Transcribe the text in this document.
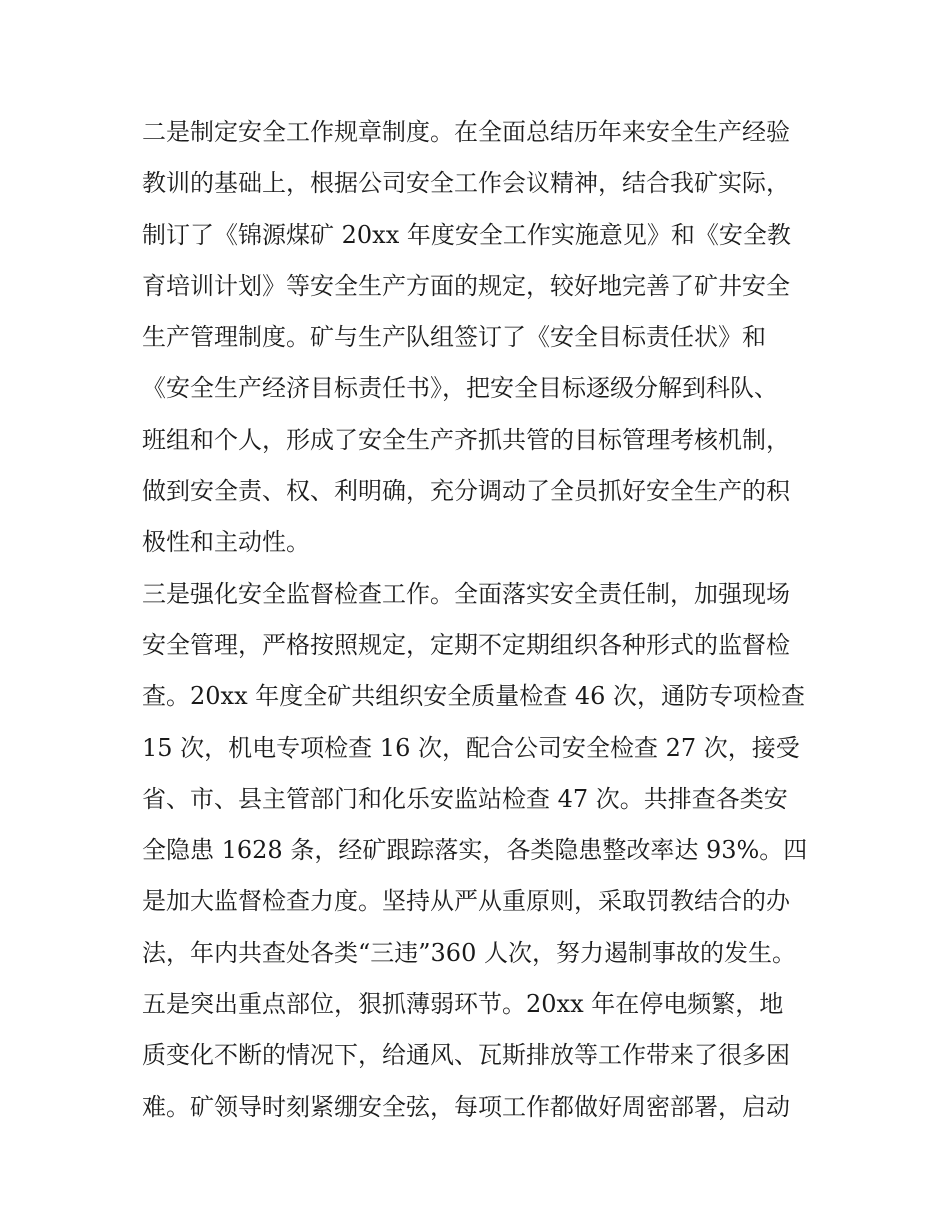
二是制定安全工作规章制度。在全面总结历年来安全生产经验
教训的基础上，根据公司安全工作会议精神，结合我矿实际，
制订了《锦源煤矿 20xx 年度安全工作实施意见》和《安全教
育培训计划》等安全生产方面的规定，较好地完善了矿井安全
生产管理制度。矿与生产队组签订了《安全目标责任状》和
《安全生产经济目标责任书》，把安全目标逐级分解到科队、
班组和个人，形成了安全生产齐抓共管的目标管理考核机制，
做到安全责、权、利明确，充分调动了全员抓好安全生产的积
极性和主动性。
三是强化安全监督检查工作。全面落实安全责任制，加强现场
安全管理，严格按照规定，定期不定期组织各种形式的监督检
查。20xx 年度全矿共组织安全质量检查 46 次，通防专项检查
15 次，机电专项检查 16 次，配合公司安全检查 27 次，接受
省、市、县主管部门和化乐安监站检查 47 次。共排查各类安
全隐患 1628 条，经矿跟踪落实，各类隐患整改率达 93%。四
是加大监督检查力度。坚持从严从重原则，采取罚教结合的办
法，年内共查处各类“三违”360 人次，努力遏制事故的发生。
五是突出重点部位，狠抓薄弱环节。20xx 年在停电频繁，地
质变化不断的情况下，给通风、瓦斯排放等工作带来了很多困
难。矿领导时刻紧绷安全弦，每项工作都做好周密部署，启动
